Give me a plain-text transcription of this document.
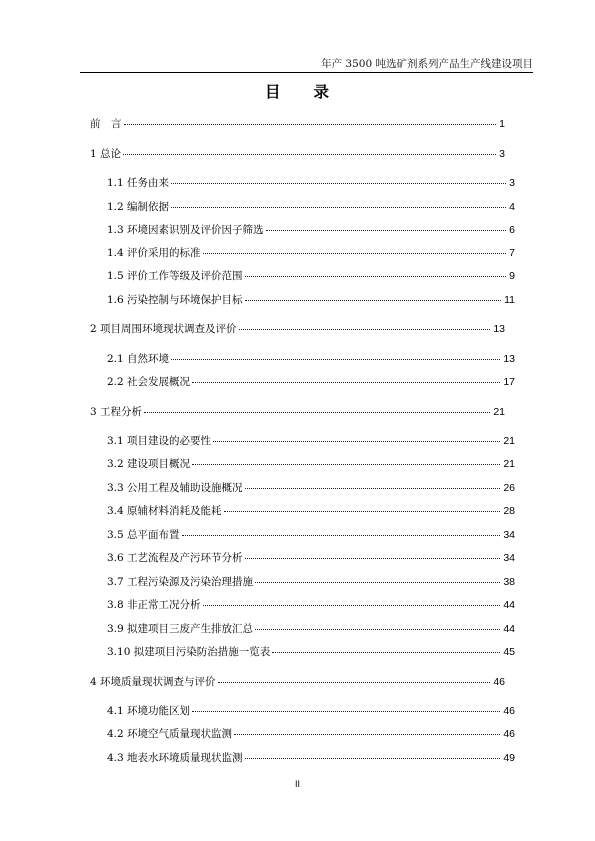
年产 3500 吨选矿剂系列产品生产线建设项目
目 录
前　言	1
1 总论	3
1.1 任务由来	3
1.2 编制依据	4
1.3 环境因素识别及评价因子筛选	6
1.4 评价采用的标准	7
1.5 评价工作等级及评价范围	9
1.6 污染控制与环境保护目标	11
2 项目周围环境现状调查及评价	13
2.1 自然环境	13
2.2 社会发展概况	17
3 工程分析	21
3.1 项目建设的必要性	21
3.2 建设项目概况	21
3.3 公用工程及辅助设施概况	26
3.4 原辅材料消耗及能耗	28
3.5 总平面布置	34
3.6 工艺流程及产污环节分析	34
3.7 工程污染源及污染治理措施	38
3.8 非正常工况分析	44
3.9 拟建项目三废产生排放汇总	44
3.10 拟建项目污染防治措施一览表	45
4 环境质量现状调查与评价	46
4.1 环境功能区划	46
4.2 环境空气质量现状监测	46
4.3 地表水环境质量现状监测	49
II
